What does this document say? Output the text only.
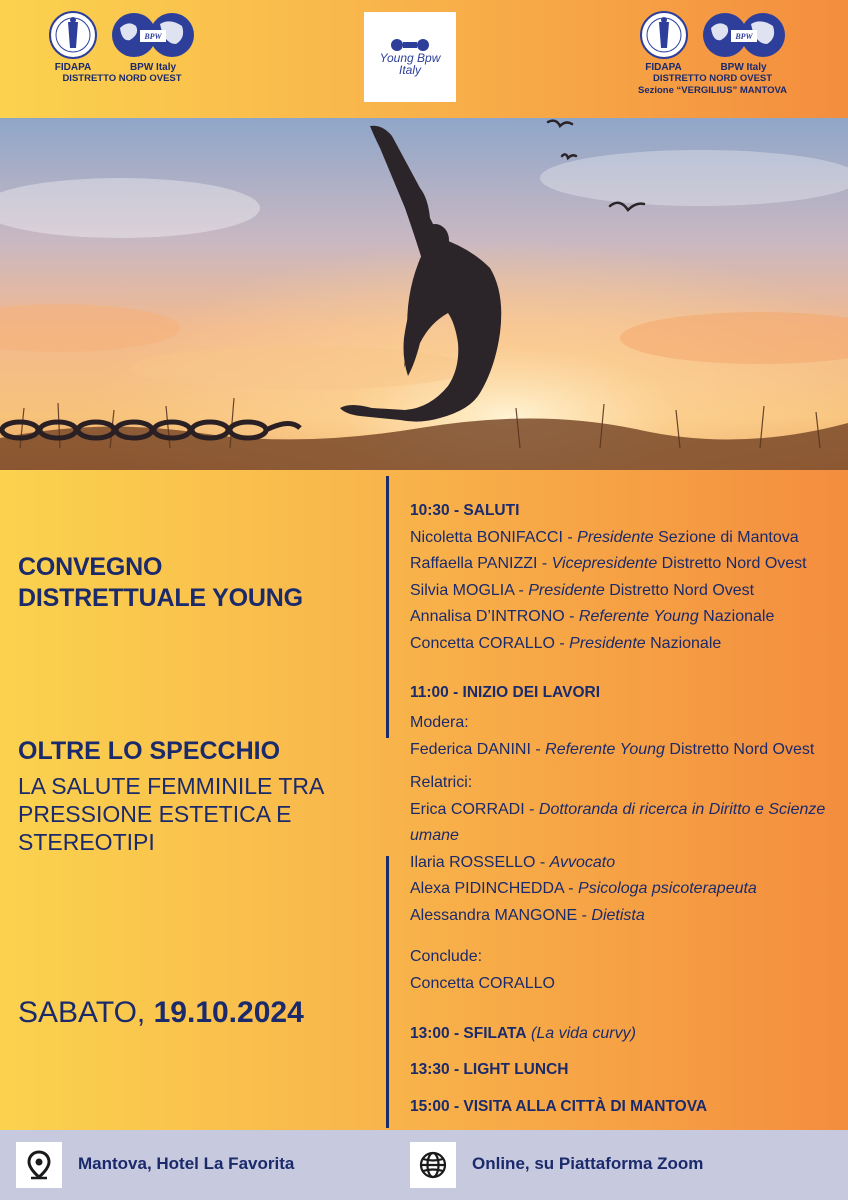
FIDAPA
BPW
BPW Italy
DISTRETTO NORD OVEST
Young Bpw
Italy	FIDAPA
BPW
BPW Italy
DISTRETTO NORD OVEST
Sezione “VERGILIUS” MANTOVA
CONVEGNO
DISTRETTUALE YOUNG
OLTRE LO SPECCHIO
LA SALUTE FEMMINILE TRA
PRESSIONE ESTETICA E
STEREOTIPI
SABATO, 19.10.2024
10:30 - SALUTI
Nicoletta BONIFACCI - Presidente Sezione di Mantova
Raffaella PANIZZI - Vicepresidente Distretto Nord Ovest
Silvia MOGLIA - Presidente Distretto Nord Ovest
Annalisa D’INTRONO - Referente Young Nazionale
Concetta CORALLO - Presidente Nazionale
11:00 - INIZIO DEI LAVORI
Modera:
Federica DANINI - Referente Young Distretto Nord Ovest
Relatrici:
Erica CORRADI - Dottoranda di ricerca in Diritto e Scienze
umane
Ilaria ROSSELLO - Avvocato
Alexa PIDINCHEDDA - Psicologa psicoterapeuta
Alessandra MANGONE - Dietista
Conclude:
Concetta CORALLO
13:00 - SFILATA (La vida curvy)
13:30 - LIGHT LUNCH
15:00 - VISITA ALLA CITTÀ DI MANTOVA
Mantova, Hotel La Favorita	Online, su Piattaforma Zoom
